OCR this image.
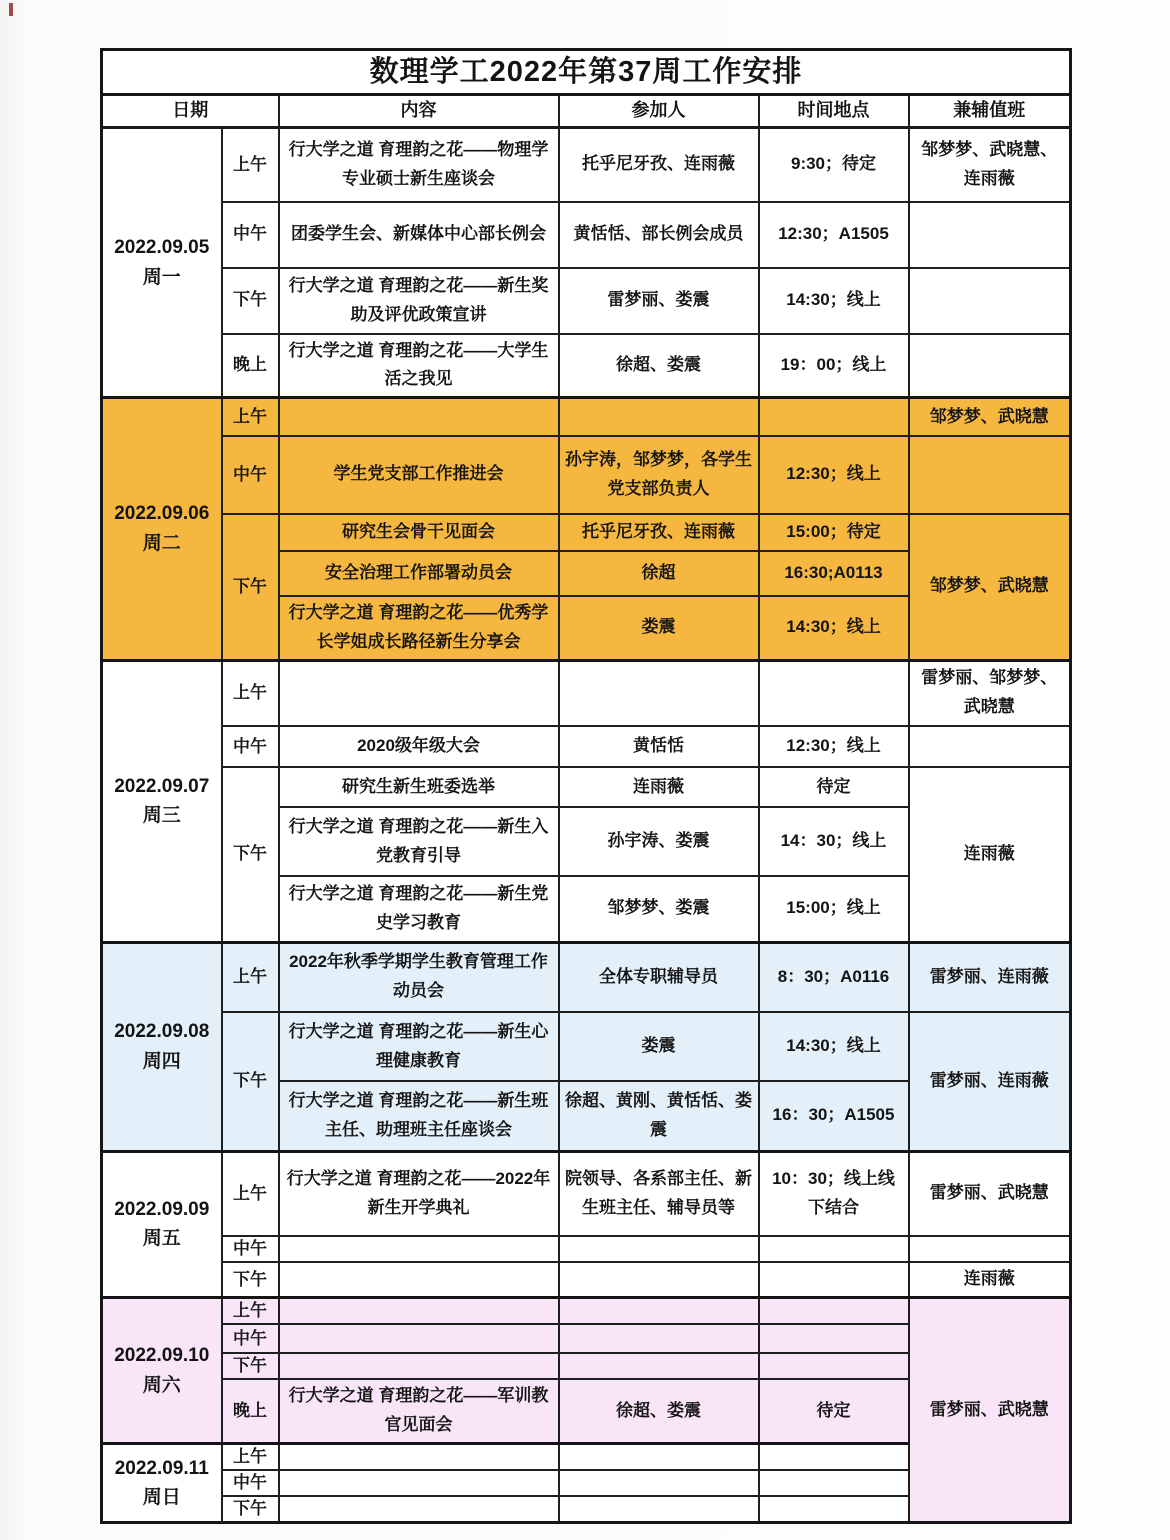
数理学工2022年第37周工作安排					
日期		内容	参加人	时间地点	兼辅值班

2022.09.05
周一	上午	行大学之道 育理韵之花——物理学专业硕士新生座谈会	托乎尼牙孜、连雨薇	9:30；待定	邹梦梦、武晓慧、连雨薇
	中午	团委学生会、新媒体中心部长例会	黄恬恬、部长例会成员	12:30；A1505	
	下午	行大学之道 育理韵之花——新生奖助及评优政策宣讲	雷梦丽、娄震	14:30；线上	
	晚上	行大学之道 育理韵之花——大学生活之我见	徐超、娄震	19：00；线上	

2022.09.06
周二	上午				邹梦梦、武晓慧
	中午	学生党支部工作推进会	孙宇涛，邹梦梦，各学生党支部负责人	12:30；线上	
	下午	研究生会骨干见面会	托乎尼牙孜、连雨薇	15:00；待定	邹梦梦、武晓慧
		安全治理工作部署动员会	徐超	16:30;A0113	
		行大学之道 育理韵之花——优秀学长学姐成长路径新生分享会	娄震	14:30；线上	

2022.09.07
周三	上午				雷梦丽、邹梦梦、武晓慧
	中午	2020级年级大会	黄恬恬	12:30；线上	
	下午	研究生新生班委选举	连雨薇	待定	连雨薇
		行大学之道 育理韵之花——新生入党教育引导	孙宇涛、娄震	14：30；线上	
		行大学之道 育理韵之花——新生党史学习教育	邹梦梦、娄震	15:00；线上	

2022.09.08
周四	上午	2022年秋季学期学生教育管理工作动员会	全体专职辅导员	8：30；A0116	雷梦丽、连雨薇
	下午	行大学之道 育理韵之花——新生心理健康教育	娄震	14:30；线上	雷梦丽、连雨薇
		行大学之道 育理韵之花——新生班主任、助理班主任座谈会	徐超、黄刚、黄恬恬、娄震	16：30；A1505	

2022.09.09
周五	上午	行大学之道 育理韵之花——2022年新生开学典礼	院领导、各系部主任、新生班主任、辅导员等	10：30；线上线下结合	雷梦丽、武晓慧
	中午				
	下午				连雨薇

2022.09.10
周六	上午				雷梦丽、武晓慧
	中午				
	下午				
	晚上	行大学之道 育理韵之花——军训教官见面会	徐超、娄震	待定	

2022.09.11
周日	上午				
	中午				
	下午				
